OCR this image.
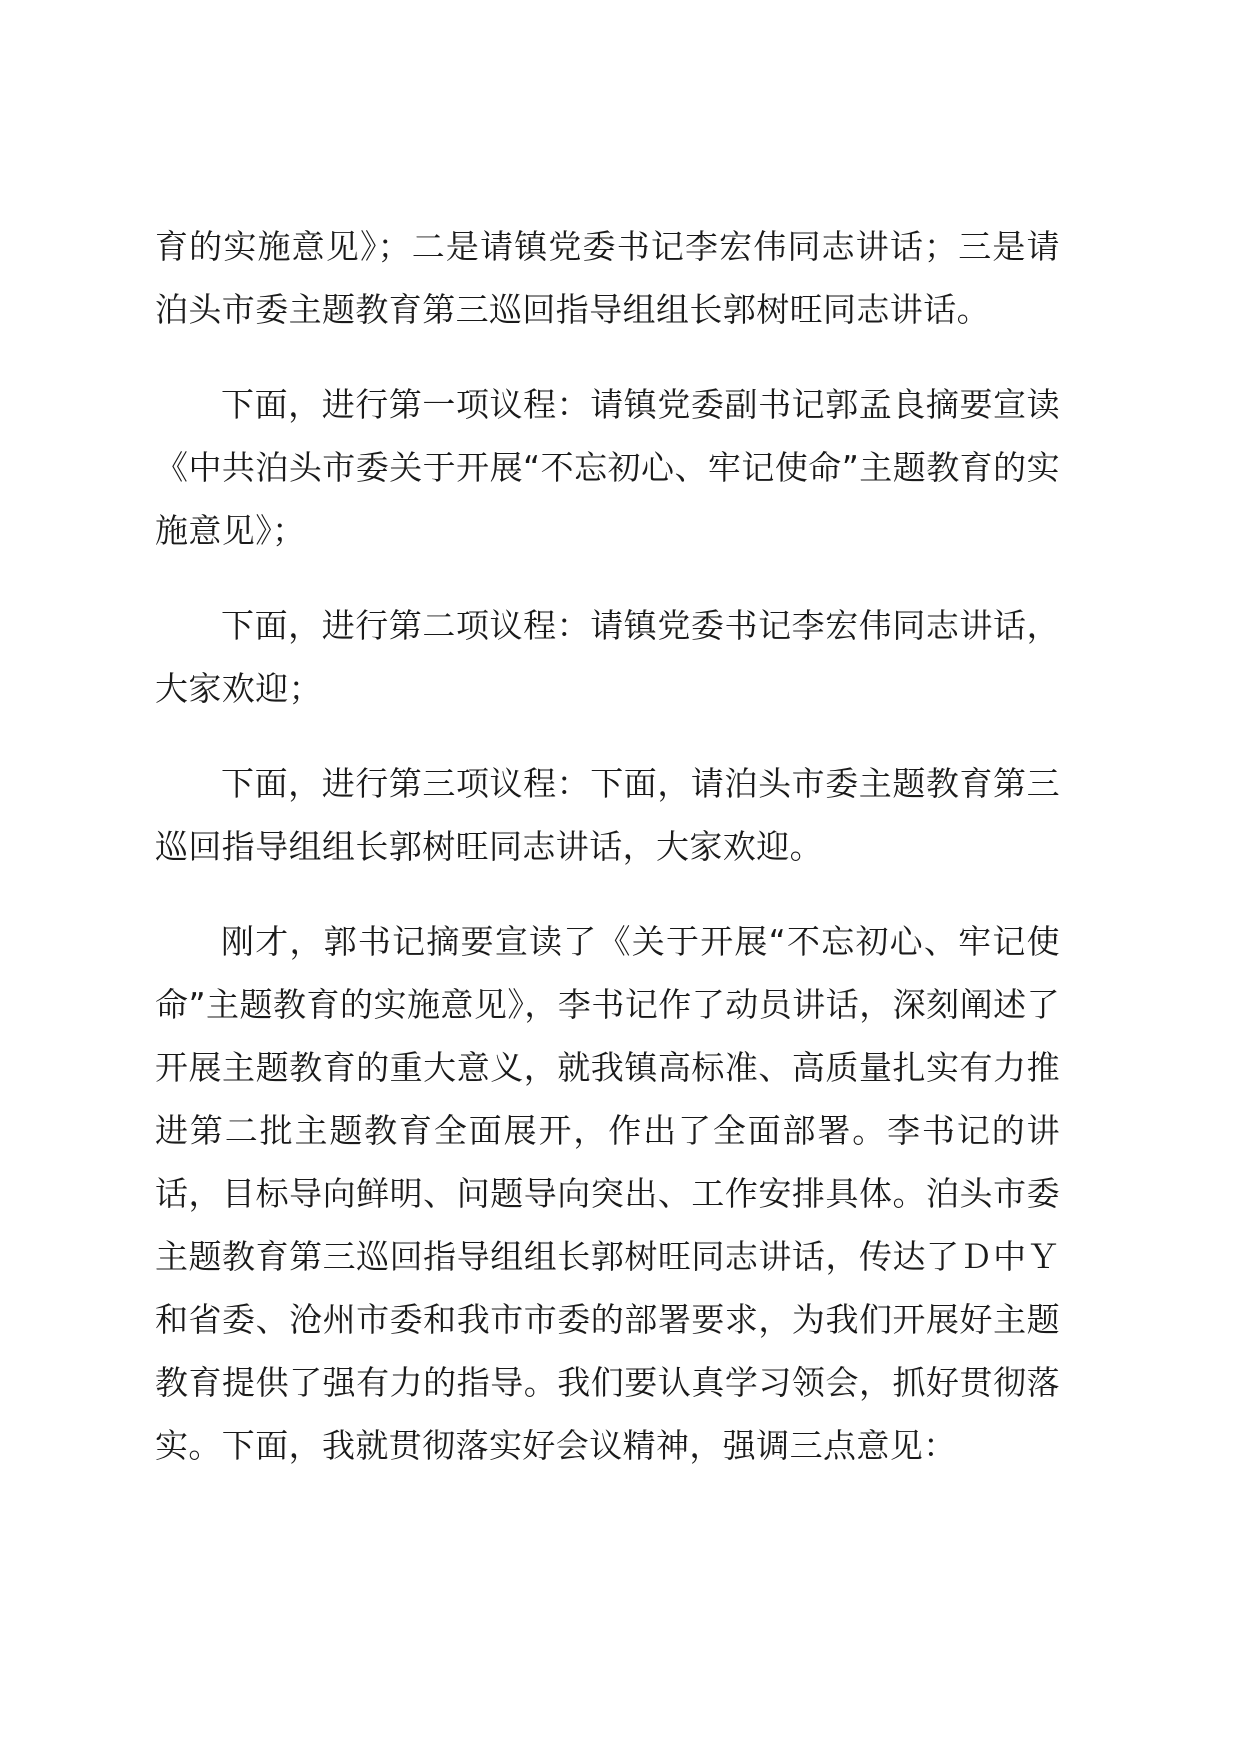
育的实施意见》；二是请镇党委书记李宏伟同志讲话；三是请泊头市委主题教育第三巡回指导组组长郭树旺同志讲话。

下面，进行第一项议程：请镇党委副书记郭孟良摘要宣读《中共泊头市委关于开展“不忘初心、牢记使命”主题教育的实施意见》；

下面，进行第二项议程：请镇党委书记李宏伟同志讲话，大家欢迎；

下面，进行第三项议程：下面，请泊头市委主题教育第三巡回指导组组长郭树旺同志讲话，大家欢迎。

刚才，郭书记摘要宣读了《关于开展“不忘初心、牢记使命”主题教育的实施意见》，李书记作了动员讲话，深刻阐述了开展主题教育的重大意义，就我镇高标准、高质量扎实有力推进第二批主题教育全面展开，作出了全面部署。李书记的讲话，目标导向鲜明、问题导向突出、工作安排具体。泊头市委主题教育第三巡回指导组组长郭树旺同志讲话，传达了Ｄ中Ｙ和省委、沧州市委和我市市委的部署要求，为我们开展好主题教育提供了强有力的指导。我们要认真学习领会，抓好贯彻落实。下面，我就贯彻落实好会议精神，强调三点意见：
